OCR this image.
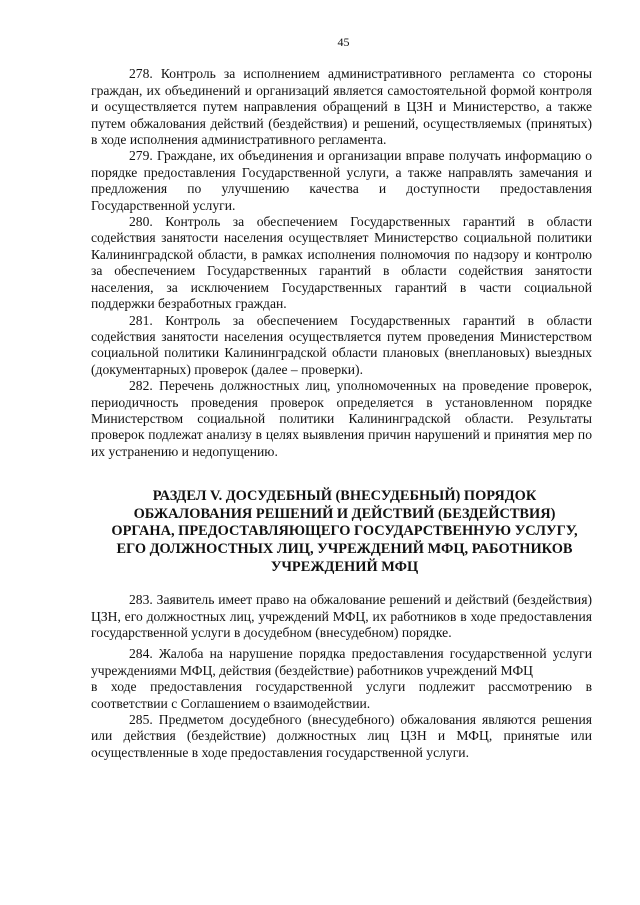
45

278. Контроль за исполнением административного регламента со стороны граждан, их объединений и организаций является самостоятельной формой контроля и осуществляется путем направления обращений в ЦЗН и Министерство, а также путем обжалования действий (бездействия) и решений, осуществляемых (принятых) в ходе исполнения административного регламента.

279. Граждане, их объединения и организации вправе получать информацию о порядке предоставления Государственной услуги, а также направлять замечания и предложения по улучшению качества и доступности предоставления Государственной услуги.

280. Контроль за обеспечением Государственных гарантий в области содействия занятости населения осуществляет Министерство социальной политики Калининградской области, в рамках исполнения полномочия по надзору и контролю за обеспечением Государственных гарантий в области содействия занятости населения, за исключением Государственных гарантий в части социальной поддержки безработных граждан.

281. Контроль за обеспечением Государственных гарантий в области содействия занятости населения осуществляется путем проведения Министерством социальной политики Калининградской области плановых (внеплановых) выездных (документарных) проверок (далее – проверки).

282. Перечень должностных лиц, уполномоченных на проведение проверок, периодичность проведения проверок определяется в установленном порядке Министерством социальной политики Калининградской области. Результаты проверок подлежат анализу в целях выявления причин нарушений и принятия мер по их устранению и недопущению.

РАЗДЕЛ V. ДОСУДЕБНЫЙ (ВНЕСУДЕБНЫЙ) ПОРЯДОК
ОБЖАЛОВАНИЯ РЕШЕНИЙ И ДЕЙСТВИЙ (БЕЗДЕЙСТВИЯ)
ОРГАНА, ПРЕДОСТАВЛЯЮЩЕГО ГОСУДАРСТВЕННУЮ УСЛУГУ,
ЕГО ДОЛЖНОСТНЫХ ЛИЦ, УЧРЕЖДЕНИЙ МФЦ, РАБОТНИКОВ
УЧРЕЖДЕНИЙ МФЦ

283. Заявитель имеет право на обжалование решений и действий (бездействия) ЦЗН, его должностных лиц, учреждений МФЦ, их работников в ходе предоставления государственной услуги в досудебном (внесудебном) порядке.

284. Жалоба на нарушение порядка предоставления государственной услуги учреждениями МФЦ, действия (бездействие) работников учреждений МФЦ

в ходе предоставления государственной услуги подлежит рассмотрению в соответствии с Соглашением о взаимодействии.

285. Предметом досудебного (внесудебного) обжалования являются решения или действия (бездействие) должностных лиц ЦЗН и МФЦ, принятые или осуществленные в ходе предоставления государственной услуги.
